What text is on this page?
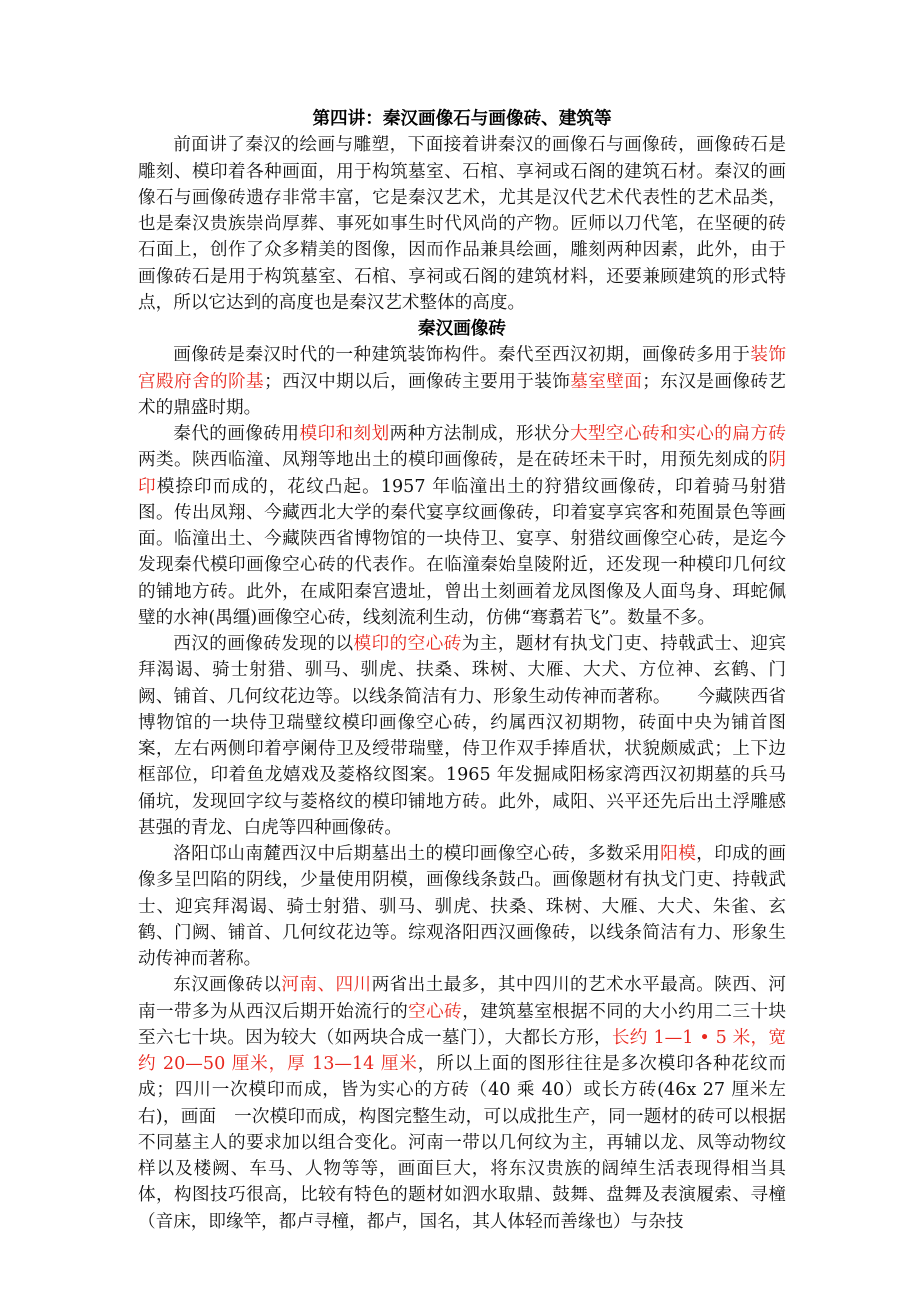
第四讲：秦汉画像石与画像砖、建筑等

前面讲了秦汉的绘画与雕塑，下面接着讲秦汉的画像石与画像砖，画像砖石是雕刻、模印着各种画面，用于构筑墓室、石棺、享祠或石阁的建筑石材。秦汉的画像石与画像砖遗存非常丰富，它是秦汉艺术，尤其是汉代艺术代表性的艺术品类，也是秦汉贵族崇尚厚葬、事死如事生时代风尚的产物。匠师以刀代笔，在坚硬的砖石面上，创作了众多精美的图像，因而作品兼具绘画，雕刻两种因素，此外，由于画像砖石是用于构筑墓室、石棺、享祠或石阁的建筑材料，还要兼顾建筑的形式特点，所以它达到的高度也是秦汉艺术整体的高度。

秦汉画像砖

画像砖是秦汉时代的一种建筑装饰构件。秦代至西汉初期，画像砖多用于装饰宫殿府舍的阶基；西汉中期以后，画像砖主要用于装饰墓室壁面；东汉是画像砖艺术的鼎盛时期。

秦代的画像砖用模印和刻划两种方法制成，形状分大型空心砖和实心的扁方砖两类。陕西临潼、凤翔等地出土的模印画像砖，是在砖坯未干时，用预先刻成的阴印模捺印而成的，花纹凸起。1957 年临潼出土的狩猎纹画像砖，印着骑马射猎图。传出凤翔、今藏西北大学的秦代宴享纹画像砖，印着宴享宾客和苑囿景色等画面。临潼出土、今藏陕西省博物馆的一块侍卫、宴享、射猎纹画像空心砖，是迄今发现秦代模印画像空心砖的代表作。在临潼秦始皇陵附近，还发现一种模印几何纹的铺地方砖。此外，在咸阳秦宫遗址，曾出土刻画着龙凤图像及人面鸟身、珥蛇佩璧的水神(禺缰)画像空心砖，线刻流利生动，仿佛“骞翥若飞”。数量不多。

西汉的画像砖发现的以模印的空心砖为主，题材有执戈门吏、持戟武士、迎宾拜渴谒、骑士射猎、驯马、驯虎、扶桑、珠树、大雁、大犬、方位神、玄鹤、门阙、铺首、几何纹花边等。以线条简洁有力、形象生动传神而著称。　　今藏陕西省博物馆的一块侍卫瑞璧纹模印画像空心砖，约属西汉初期物，砖面中央为铺首图案，左右两侧印着亭阑侍卫及绶带瑞璧，侍卫作双手捧盾状，状貌颇威武；上下边框部位，印着鱼龙嬉戏及菱格纹图案。1965 年发掘咸阳杨家湾西汉初期墓的兵马俑坑，发现回字纹与菱格纹的模印铺地方砖。此外，咸阳、兴平还先后出土浮雕感甚强的青龙、白虎等四种画像砖。

洛阳邙山南麓西汉中后期墓出土的模印画像空心砖，多数采用阳模，印成的画像多呈凹陷的阴线，少量使用阴模，画像线条鼓凸。画像题材有执戈门吏、持戟武士、迎宾拜渴谒、骑士射猎、驯马、驯虎、扶桑、珠树、大雁、大犬、朱雀、玄鹤、门阙、铺首、几何纹花边等。综观洛阳西汉画像砖，以线条简洁有力、形象生动传神而著称。

东汉画像砖以河南、四川两省出土最多，其中四川的艺术水平最高。陕西、河南一带多为从西汉后期开始流行的空心砖，建筑墓室根据不同的大小约用二三十块至六七十块。因为较大（如两块合成一墓门），大都长方形，长约 1—1 • 5 米，宽约 20—50 厘米，厚 13—14 厘米，所以上面的图形往往是多次模印各种花纹而成；四川一次模印而成，皆为实心的方砖（40 乘 40）或长方砖(46x 27 厘米左右)，画面　一次模印而成，构图完整生动，可以成批生产，同一题材的砖可以根据不同墓主人的要求加以组合变化。河南一带以几何纹为主，再辅以龙、凤等动物纹样以及楼阙、车马、人物等等，画面巨大，将东汉贵族的阔绰生活表现得相当具体，构图技巧很高，比较有特色的题材如泗水取鼎、鼓舞、盘舞及表演履索、寻橦（音床，即缘竿，都卢寻橦，都卢，国名，其人体轻而善缘也）与杂技
